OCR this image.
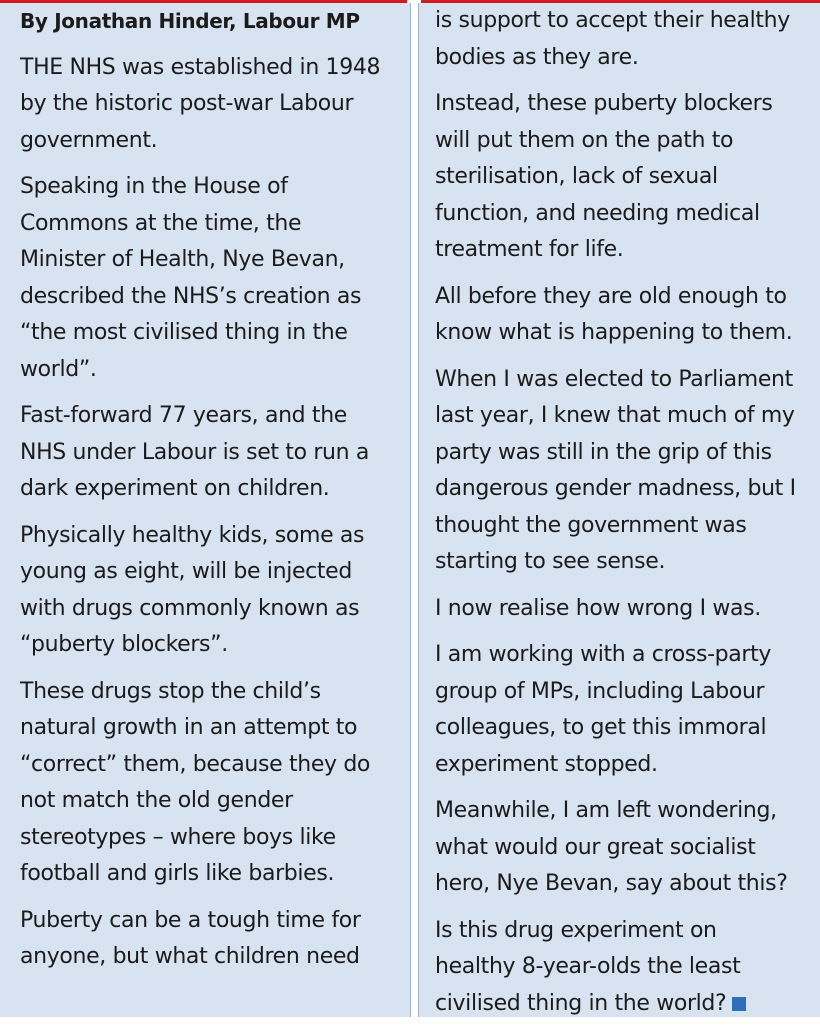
By Jonathan Hinder, Labour MP
THE NHS was established in 1948
by the historic post-war Labour
government.
Speaking in the House of
Commons at the time, the
Minister of Health, Nye Bevan,
described the NHS’s creation as
“the most civilised thing in the
world”.
Fast-forward 77 years, and the
NHS under Labour is set to run a
dark experiment on children.
Physically healthy kids, some as
young as eight, will be injected
with drugs commonly known as
“puberty blockers”.
These drugs stop the child’s
natural growth in an attempt to
“correct” them, because they do
not match the old gender
stereotypes – where boys like
football and girls like barbies.
Puberty can be a tough time for
anyone, but what children need
is support to accept their healthy
bodies as they are.
Instead, these puberty blockers
will put them on the path to
sterilisation, lack of sexual
function, and needing medical
treatment for life.
All before they are old enough to
know what is happening to them.
When I was elected to Parliament
last year, I knew that much of my
party was still in the grip of this
dangerous gender madness, but I
thought the government was
starting to see sense.
I now realise how wrong I was.
I am working with a cross-party
group of MPs, including Labour
colleagues, to get this immoral
experiment stopped.
Meanwhile, I am left wondering,
what would our great socialist
hero, Nye Bevan, say about this?
Is this drug experiment on
healthy 8-year-olds the least
civilised thing in the world?
